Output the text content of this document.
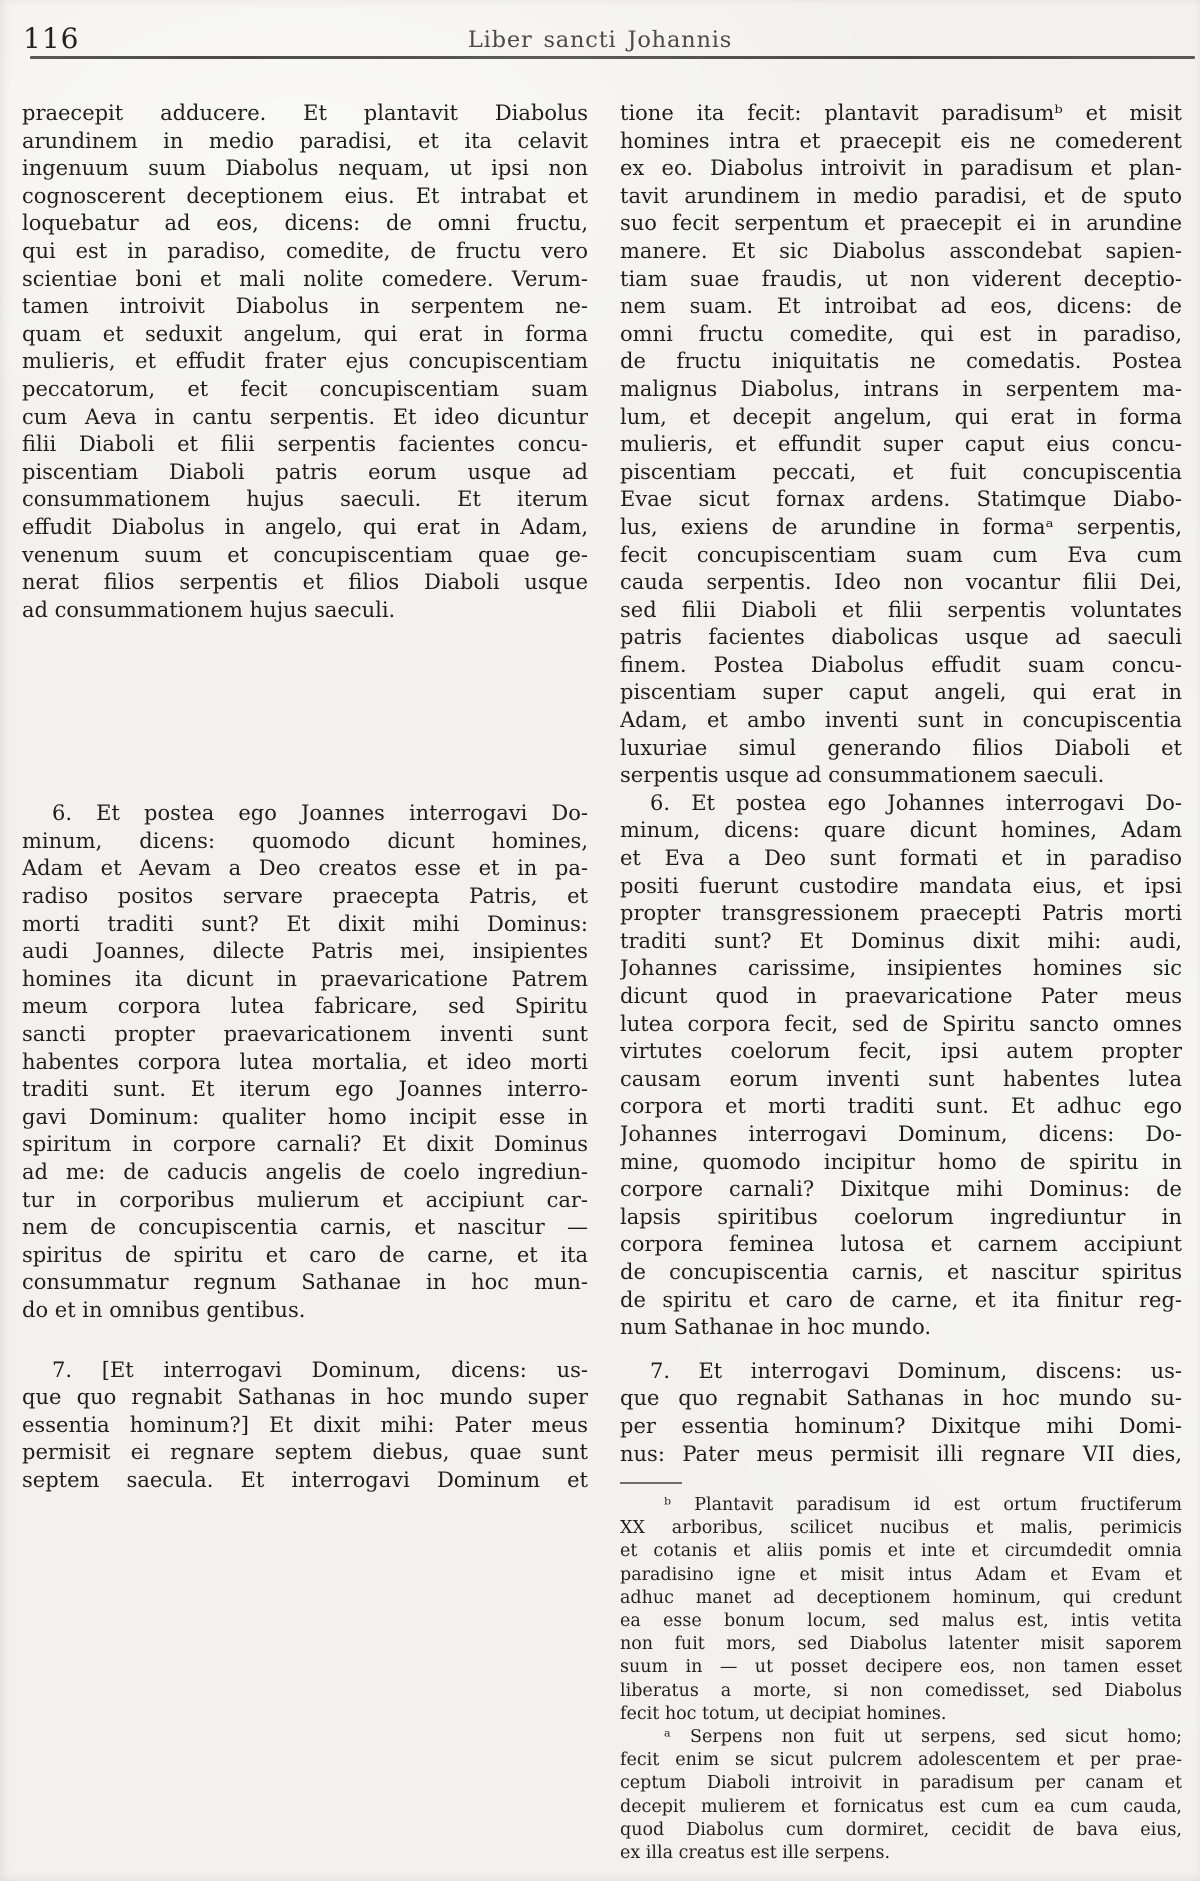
116	Liber sancti Johannis
praecepit adducere. Et plantavit Diabolus
arundinem in medio paradisi, et ita celavit
ingenuum suum Diabolus nequam, ut ipsi non
cognoscerent deceptionem eius. Et intrabat et
loquebatur ad eos, dicens: de omni fructu,
qui est in paradiso, comedite, de fructu vero
scientiae boni et mali nolite comedere. Verum-
tamen introivit Diabolus in serpentem ne-
quam et seduxit angelum, qui erat in forma
mulieris, et effudit frater ejus concupiscentiam
peccatorum, et fecit concupiscentiam suam
cum Aeva in cantu serpentis. Et ideo dicuntur
filii Diaboli et filii serpentis facientes concu-
piscentiam Diaboli patris eorum usque ad
consummationem hujus saeculi. Et iterum
effudit Diabolus in angelo, qui erat in Adam,
venenum suum et concupiscentiam quae ge-
nerat filios serpentis et filios Diaboli usque
ad consummationem hujus saeculi.
6. Et postea ego Joannes interrogavi Do-
minum, dicens: quomodo dicunt homines,
Adam et Aevam a Deo creatos esse et in pa-
radiso positos servare praecepta Patris, et
morti traditi sunt? Et dixit mihi Dominus:
audi Joannes, dilecte Patris mei, insipientes
homines ita dicunt in praevaricatione Patrem
meum corpora lutea fabricare, sed Spiritu
sancti propter praevaricationem inventi sunt
habentes corpora lutea mortalia, et ideo morti
traditi sunt. Et iterum ego Joannes interro-
gavi Dominum: qualiter homo incipit esse in
spiritum in corpore carnali? Et dixit Dominus
ad me: de caducis angelis de coelo ingrediun-
tur in corporibus mulierum et accipiunt car-
nem de concupiscentia carnis, et nascitur —
spiritus de spiritu et caro de carne, et ita
consummatur regnum Sathanae in hoc mun-
do et in omnibus gentibus.
7. [Et interrogavi Dominum, dicens: us-
que quo regnabit Sathanas in hoc mundo super
essentia hominum?] Et dixit mihi: Pater meus
permisit ei regnare septem diebus, quae sunt
septem saecula. Et interrogavi Dominum et
tione ita fecit: plantavit paradisumᵇ et misit
homines intra et praecepit eis ne comederent
ex eo. Diabolus introivit in paradisum et plan-
tavit arundinem in medio paradisi, et de sputo
suo fecit serpentum et praecepit ei in arundine
manere. Et sic Diabolus asscondebat sapien-
tiam suae fraudis, ut non viderent deceptio-
nem suam. Et introibat ad eos, dicens: de
omni fructu comedite, qui est in paradiso,
de fructu iniquitatis ne comedatis. Postea
malignus Diabolus, intrans in serpentem ma-
lum, et decepit angelum, qui erat in forma
mulieris, et effundit super caput eius concu-
piscentiam peccati, et fuit concupiscentia
Evae sicut fornax ardens. Statimque Diabo-
lus, exiens de arundine in formaᵃ serpentis,
fecit concupiscentiam suam cum Eva cum
cauda serpentis. Ideo non vocantur filii Dei,
sed filii Diaboli et filii serpentis voluntates
patris facientes diabolicas usque ad saeculi
finem. Postea Diabolus effudit suam concu-
piscentiam super caput angeli, qui erat in
Adam, et ambo inventi sunt in concupiscentia
luxuriae simul generando filios Diaboli et
serpentis usque ad consummationem saeculi.
6. Et postea ego Johannes interrogavi Do-
minum, dicens: quare dicunt homines, Adam
et Eva a Deo sunt formati et in paradiso
positi fuerunt custodire mandata eius, et ipsi
propter transgressionem praecepti Patris morti
traditi sunt? Et Dominus dixit mihi: audi,
Johannes carissime, insipientes homines sic
dicunt quod in praevaricatione Pater meus
lutea corpora fecit, sed de Spiritu sancto omnes
virtutes coelorum fecit, ipsi autem propter
causam eorum inventi sunt habentes lutea
corpora et morti traditi sunt. Et adhuc ego
Johannes interrogavi Dominum, dicens: Do-
mine, quomodo incipitur homo de spiritu in
corpore carnali? Dixitque mihi Dominus: de
lapsis spiritibus coelorum ingrediuntur in
corpora feminea lutosa et carnem accipiunt
de concupiscentia carnis, et nascitur spiritus
de spiritu et caro de carne, et ita finitur reg-
num Sathanae in hoc mundo.
7. Et interrogavi Dominum, discens: us-
que quo regnabit Sathanas in hoc mundo su-
per essentia hominum? Dixitque mihi Domi-
nus: Pater meus permisit illi regnare VII dies,
ᵇ Plantavit paradisum id est ortum fructiferum
XX arboribus, scilicet nucibus et malis, perimicis
et cotanis et aliis pomis et inte et circumdedit omnia
paradisino igne et misit intus Adam et Evam et
adhuc manet ad deceptionem hominum, qui credunt
ea esse bonum locum, sed malus est, intis vetita
non fuit mors, sed Diabolus latenter misit saporem
suum in — ut posset decipere eos, non tamen esset
liberatus a morte, si non comedisset, sed Diabolus
fecit hoc totum, ut decipiat homines.
ᵃ Serpens non fuit ut serpens, sed sicut homo;
fecit enim se sicut pulcrem adolescentem et per prae-
ceptum Diaboli introivit in paradisum per canam et
decepit mulierem et fornicatus est cum ea cum cauda,
quod Diabolus cum dormiret, cecidit de bava eius,
ex illa creatus est ille serpens.
